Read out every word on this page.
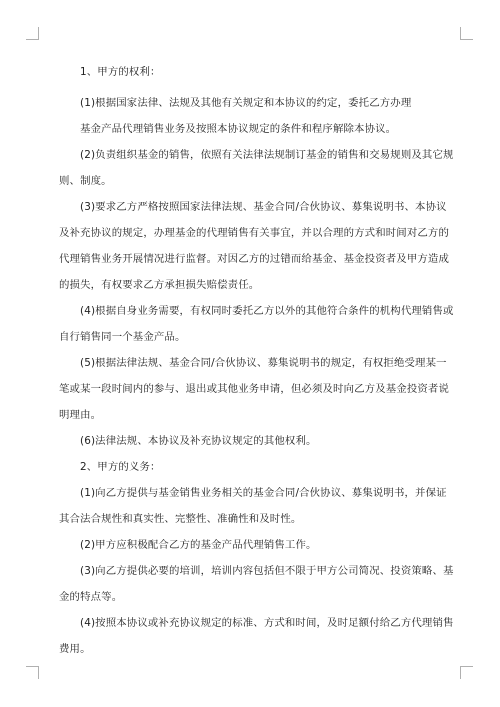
1、甲方的权利：
(1)根据国家法律、法规及其他有关规定和本协议的约定，委托乙方办理
基金产品代理销售业务及按照本协议规定的条件和程序解除本协议。
(2)负责组织基金的销售，依照有关法律法规制订基金的销售和交易规则及其它规
则、制度。
(3)要求乙方严格按照国家法律法规、基金合同/合伙协议、募集说明书、本协议
及补充协议的规定，办理基金的代理销售有关事宜，并以合理的方式和时间对乙方的
代理销售业务开展情况进行监督。对因乙方的过错而给基金、基金投资者及甲方造成
的损失，有权要求乙方承担损失赔偿责任。
(4)根据自身业务需要，有权同时委托乙方以外的其他符合条件的机构代理销售或
自行销售同一个基金产品。
(5)根据法律法规、基金合同/合伙协议、募集说明书的规定，有权拒绝受理某一
笔或某一段时间内的参与、退出或其他业务申请，但必须及时向乙方及基金投资者说
明理由。
(6)法律法规、本协议及补充协议规定的其他权利。
2、甲方的义务：
(1)向乙方提供与基金销售业务相关的基金合同/合伙协议、募集说明书，并保证
其合法合规性和真实性、完整性、准确性和及时性。
(2)甲方应积极配合乙方的基金产品代理销售工作。
(3)向乙方提供必要的培训，培训内容包括但不限于甲方公司简况、投资策略、基
金的特点等。
(4)按照本协议或补充协议规定的标准、方式和时间，及时足额付给乙方代理销售
费用。
